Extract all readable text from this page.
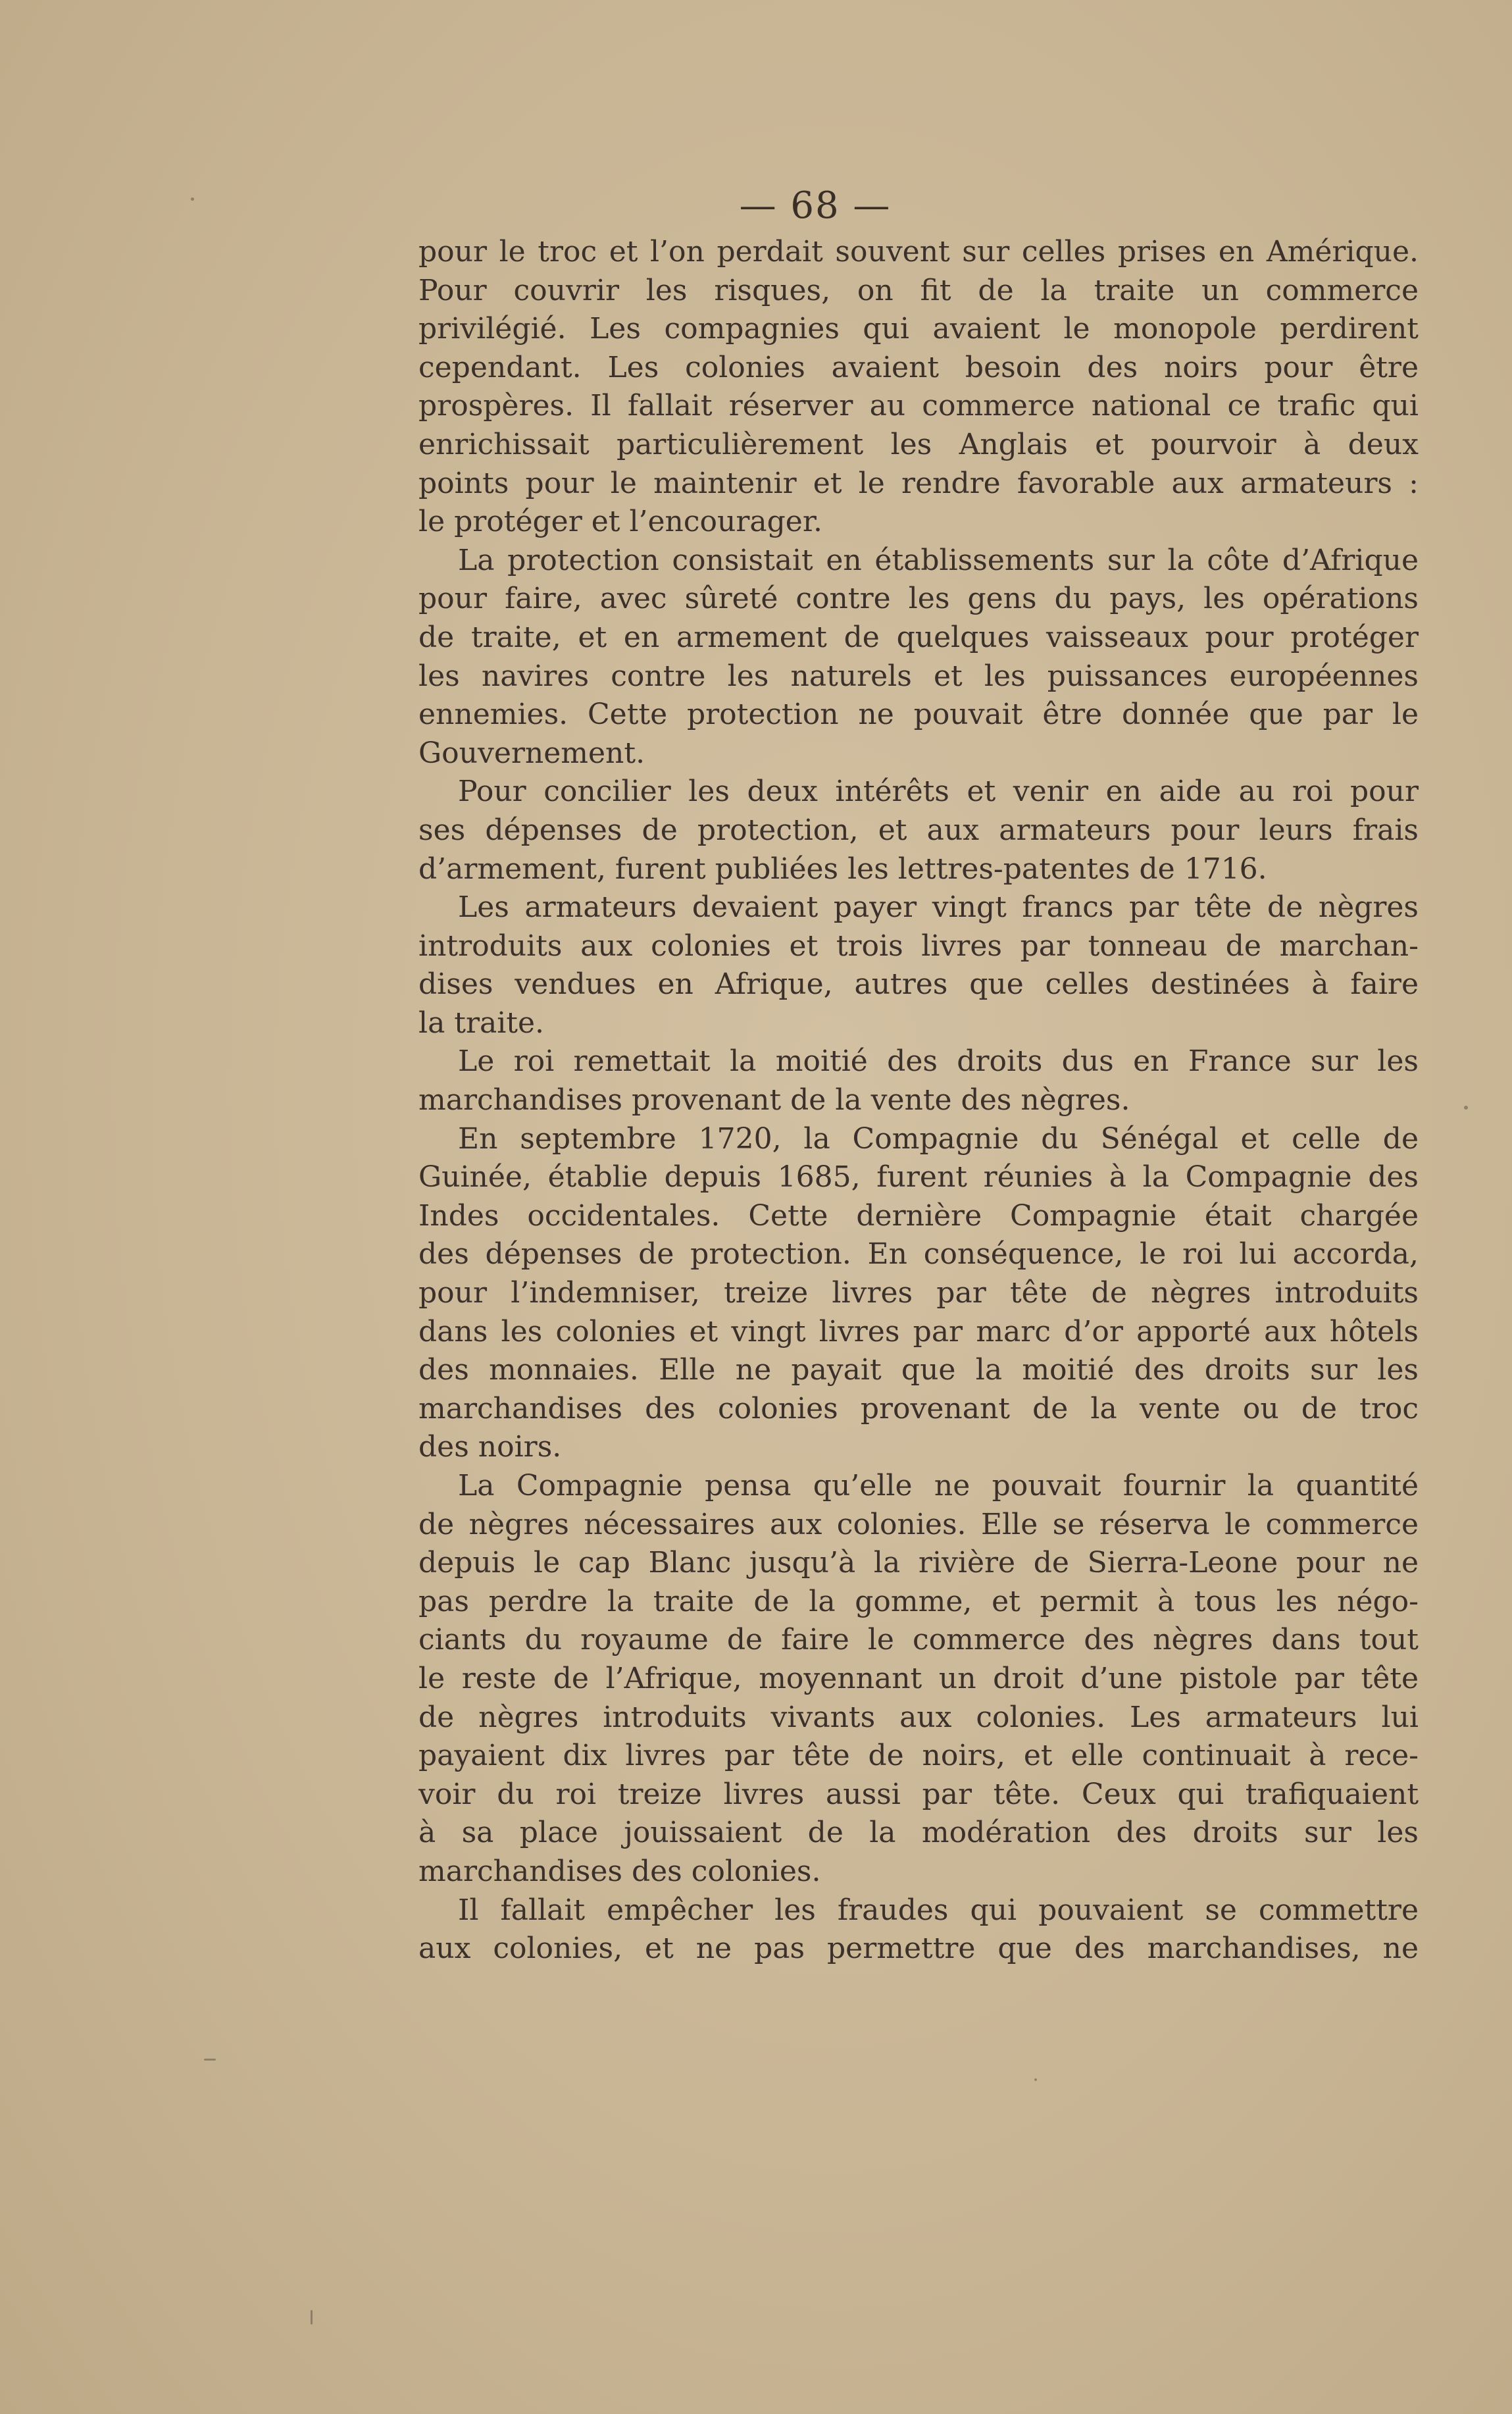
— 68 —
pour le troc et l’on perdait souvent sur celles prises en Amérique.
Pour couvrir les risques, on fit de la traite un commerce
privilégié. Les compagnies qui avaient le monopole perdirent
cependant. Les colonies avaient besoin des noirs pour être
prospères. Il fallait réserver au commerce national ce trafic qui
enrichissait particulièrement les Anglais et pourvoir à deux
points pour le maintenir et le rendre favorable aux armateurs :
le protéger et l’encourager.
La protection consistait en établissements sur la côte d’Afrique
pour faire, avec sûreté contre les gens du pays, les opérations
de traite, et en armement de quelques vaisseaux pour protéger
les navires contre les naturels et les puissances européennes
ennemies. Cette protection ne pouvait être donnée que par le
Gouvernement.
Pour concilier les deux intérêts et venir en aide au roi pour
ses dépenses de protection, et aux armateurs pour leurs frais
d’armement, furent publiées les lettres-patentes de 1716.
Les armateurs devaient payer vingt francs par tête de nègres
introduits aux colonies et trois livres par tonneau de marchan-
dises vendues en Afrique, autres que celles destinées à faire
la traite.
Le roi remettait la moitié des droits dus en France sur les
marchandises provenant de la vente des nègres.
En septembre 1720, la Compagnie du Sénégal et celle de
Guinée, établie depuis 1685, furent réunies à la Compagnie des
Indes occidentales. Cette dernière Compagnie était chargée
des dépenses de protection. En conséquence, le roi lui accorda,
pour l’indemniser, treize livres par tête de nègres introduits
dans les colonies et vingt livres par marc d’or apporté aux hôtels
des monnaies. Elle ne payait que la moitié des droits sur les
marchandises des colonies provenant de la vente ou de troc
des noirs.
La Compagnie pensa qu’elle ne pouvait fournir la quantité
de nègres nécessaires aux colonies. Elle se réserva le commerce
depuis le cap Blanc jusqu’à la rivière de Sierra-Leone pour ne
pas perdre la traite de la gomme, et permit à tous les négo-
ciants du royaume de faire le commerce des nègres dans tout
le reste de l’Afrique, moyennant un droit d’une pistole par tête
de nègres introduits vivants aux colonies. Les armateurs lui
payaient dix livres par tête de noirs, et elle continuait à rece-
voir du roi treize livres aussi par tête. Ceux qui trafiquaient
à sa place jouissaient de la modération des droits sur les
marchandises des colonies.
Il fallait empêcher les fraudes qui pouvaient se commettre
aux colonies, et ne pas permettre que des marchandises, ne
